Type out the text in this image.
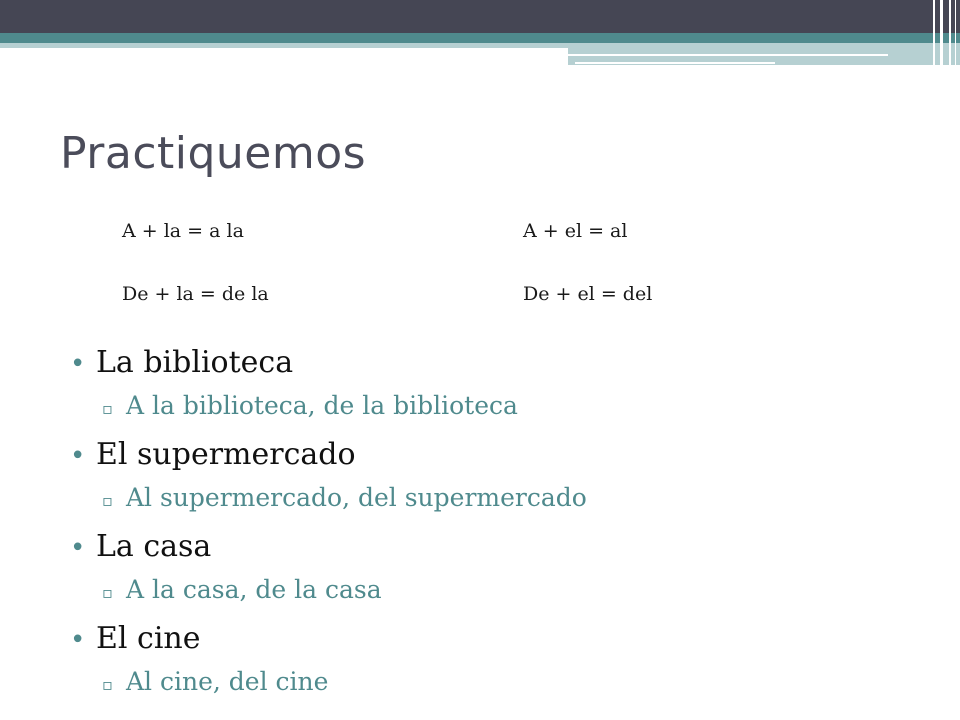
Practiquemos
A + la = a la	A + el = al
De + la = de la	De + el = del
• La biblioteca
▫ A la biblioteca, de la biblioteca
• El supermercado
▫ Al supermercado, del supermercado
• La casa
▫ A la casa, de la casa
• El cine
▫ Al cine, del cine
